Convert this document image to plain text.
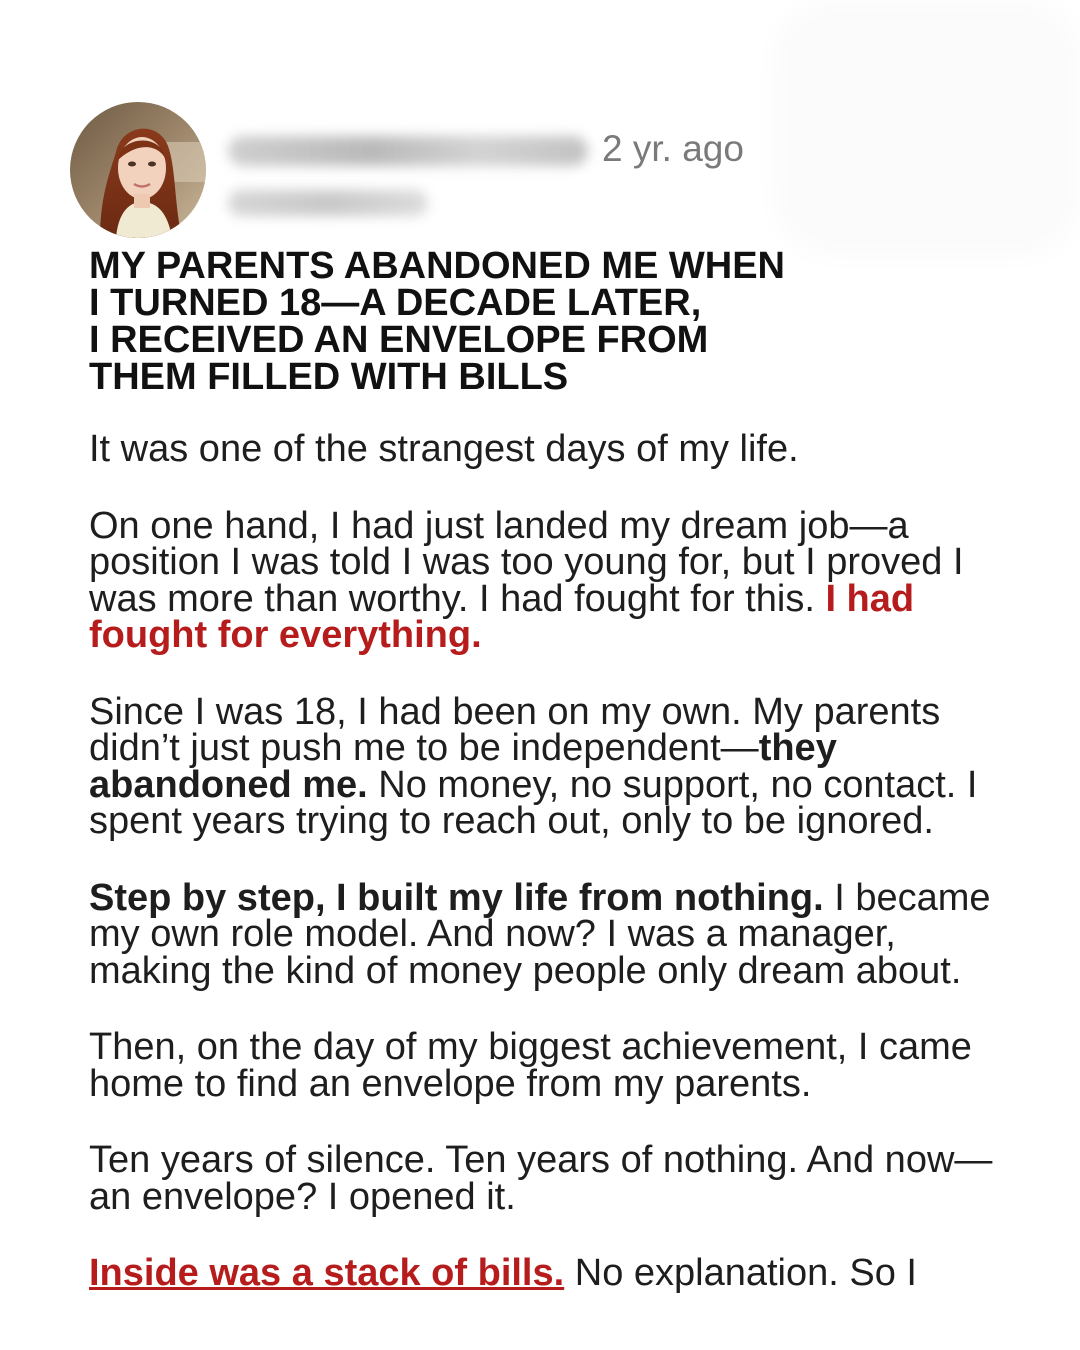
2 yr. ago
MY PARENTS ABANDONED ME WHEN
I TURNED 18—A DECADE LATER,
I RECEIVED AN ENVELOPE FROM
THEM FILLED WITH BILLS

It was one of the strangest days of my life.

On one hand, I had just landed my dream job—a position I was told I was too young for, but I proved I was more than worthy. I had fought for this. I had fought for everything.

Since I was 18, I had been on my own. My parents didn’t just push me to be independent—they abandoned me. No money, no support, no contact. I spent years trying to reach out, only to be ignored.

Step by step, I built my life from nothing. I became my own role model. And now? I was a manager, making the kind of money people only dream about.

Then, on the day of my biggest achievement, I came home to find an envelope from my parents.

Ten years of silence. Ten years of nothing. And now—an envelope? I opened it.

Inside was a stack of bills. No explanation. So I
